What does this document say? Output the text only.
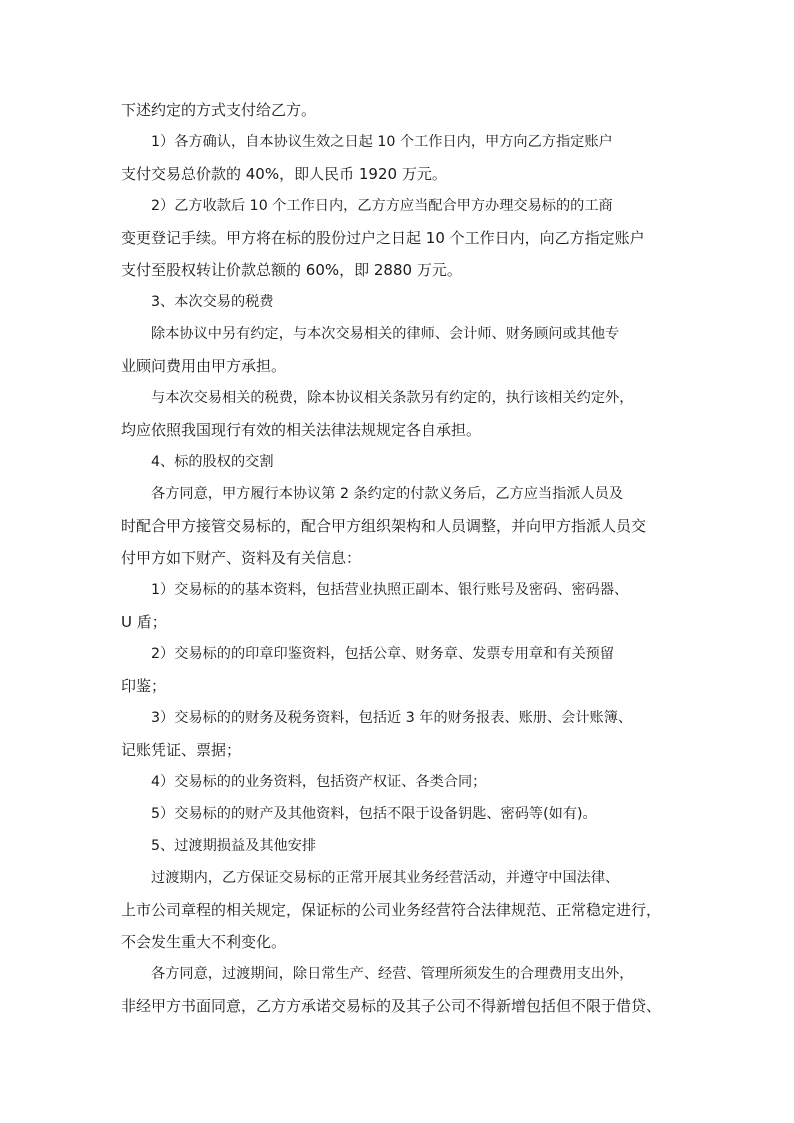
下述约定的方式支付给乙方。
1）各方确认，自本协议生效之日起 10 个工作日内，甲方向乙方指定账户
支付交易总价款的 40%，即人民币 1920 万元。
2）乙方收款后 10 个工作日内，乙方方应当配合甲方办理交易标的的工商
变更登记手续。甲方将在标的股份过户之日起 10 个工作日内，向乙方指定账户
支付至股权转让价款总额的 60%，即 2880 万元。
3、本次交易的税费
除本协议中另有约定，与本次交易相关的律师、会计师、财务顾问或其他专
业顾问费用由甲方承担。
与本次交易相关的税费，除本协议相关条款另有约定的，执行该相关约定外，
均应依照我国现行有效的相关法律法规规定各自承担。
4、标的股权的交割
各方同意，甲方履行本协议第 2 条约定的付款义务后，乙方应当指派人员及
时配合甲方接管交易标的，配合甲方组织架构和人员调整，并向甲方指派人员交
付甲方如下财产、资料及有关信息：
1）交易标的的基本资料，包括营业执照正副本、银行账号及密码、密码器、
U 盾；
2）交易标的的印章印鉴资料，包括公章、财务章、发票专用章和有关预留
印鉴；
3）交易标的的财务及税务资料，包括近 3 年的财务报表、账册、会计账簿、
记账凭证、票据；
4）交易标的的业务资料，包括资产权证、各类合同；
5）交易标的的财产及其他资料，包括不限于设备钥匙、密码等(如有)。
5、过渡期损益及其他安排
过渡期内，乙方保证交易标的正常开展其业务经营活动，并遵守中国法律、
上市公司章程的相关规定，保证标的公司业务经营符合法律规范、正常稳定进行，
不会发生重大不利变化。
各方同意，过渡期间，除日常生产、经营、管理所须发生的合理费用支出外，
非经甲方书面同意，乙方方承诺交易标的及其子公司不得新增包括但不限于借贷、
